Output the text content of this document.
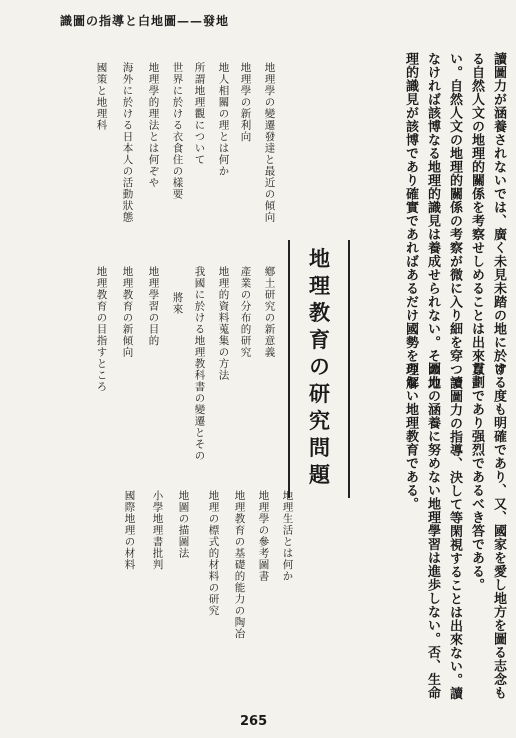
識圖の指導と白地圖——發地
讀圖力が涵養されないでは、廣く未見未踏の地に於け
る自然人文の地理的關係を考察せしめることは出來な
い。自然人文の地理的關係の考察が微に入り細を穿つで
なければ該博なる地理的識見は養成せられない。その地
理的識見が該博であり確實であればあるだけ國勢を理解
地理教育の研究問題	する度も明確であり、又、國家を愛し地方を圖る志念も
貫劃であり强烈であるべき答である。
讀圖力の指導、決して等閑視することは出來ない。讀
圖力の涵養に努めない地理學習は進歩しない。否、生命
のない地理教育である。
鄕土研究の新意義
產業の分布的研究
地理的資料蒐集の方法
我國に於ける地理教科書の變遷とその
將來
地理學習の目的
地理教育の新傾向
地理教育の目指すところ
地理學の變遷發達と最近の傾向
地理學の新利向
地人相關の理とは何か
所謂地理觀について
世界に於ける衣食住の樣要
地理學的理法とは何ぞや
海外に於ける日本人の活動狀態
國策と地理科
地理生活とは何か
地理學の參考圖書
地理教育の基礎的能力の陶冶
地理の標式的材料の研究
地圖の描圖法
小學地理書批判
國際地理の材料
265
